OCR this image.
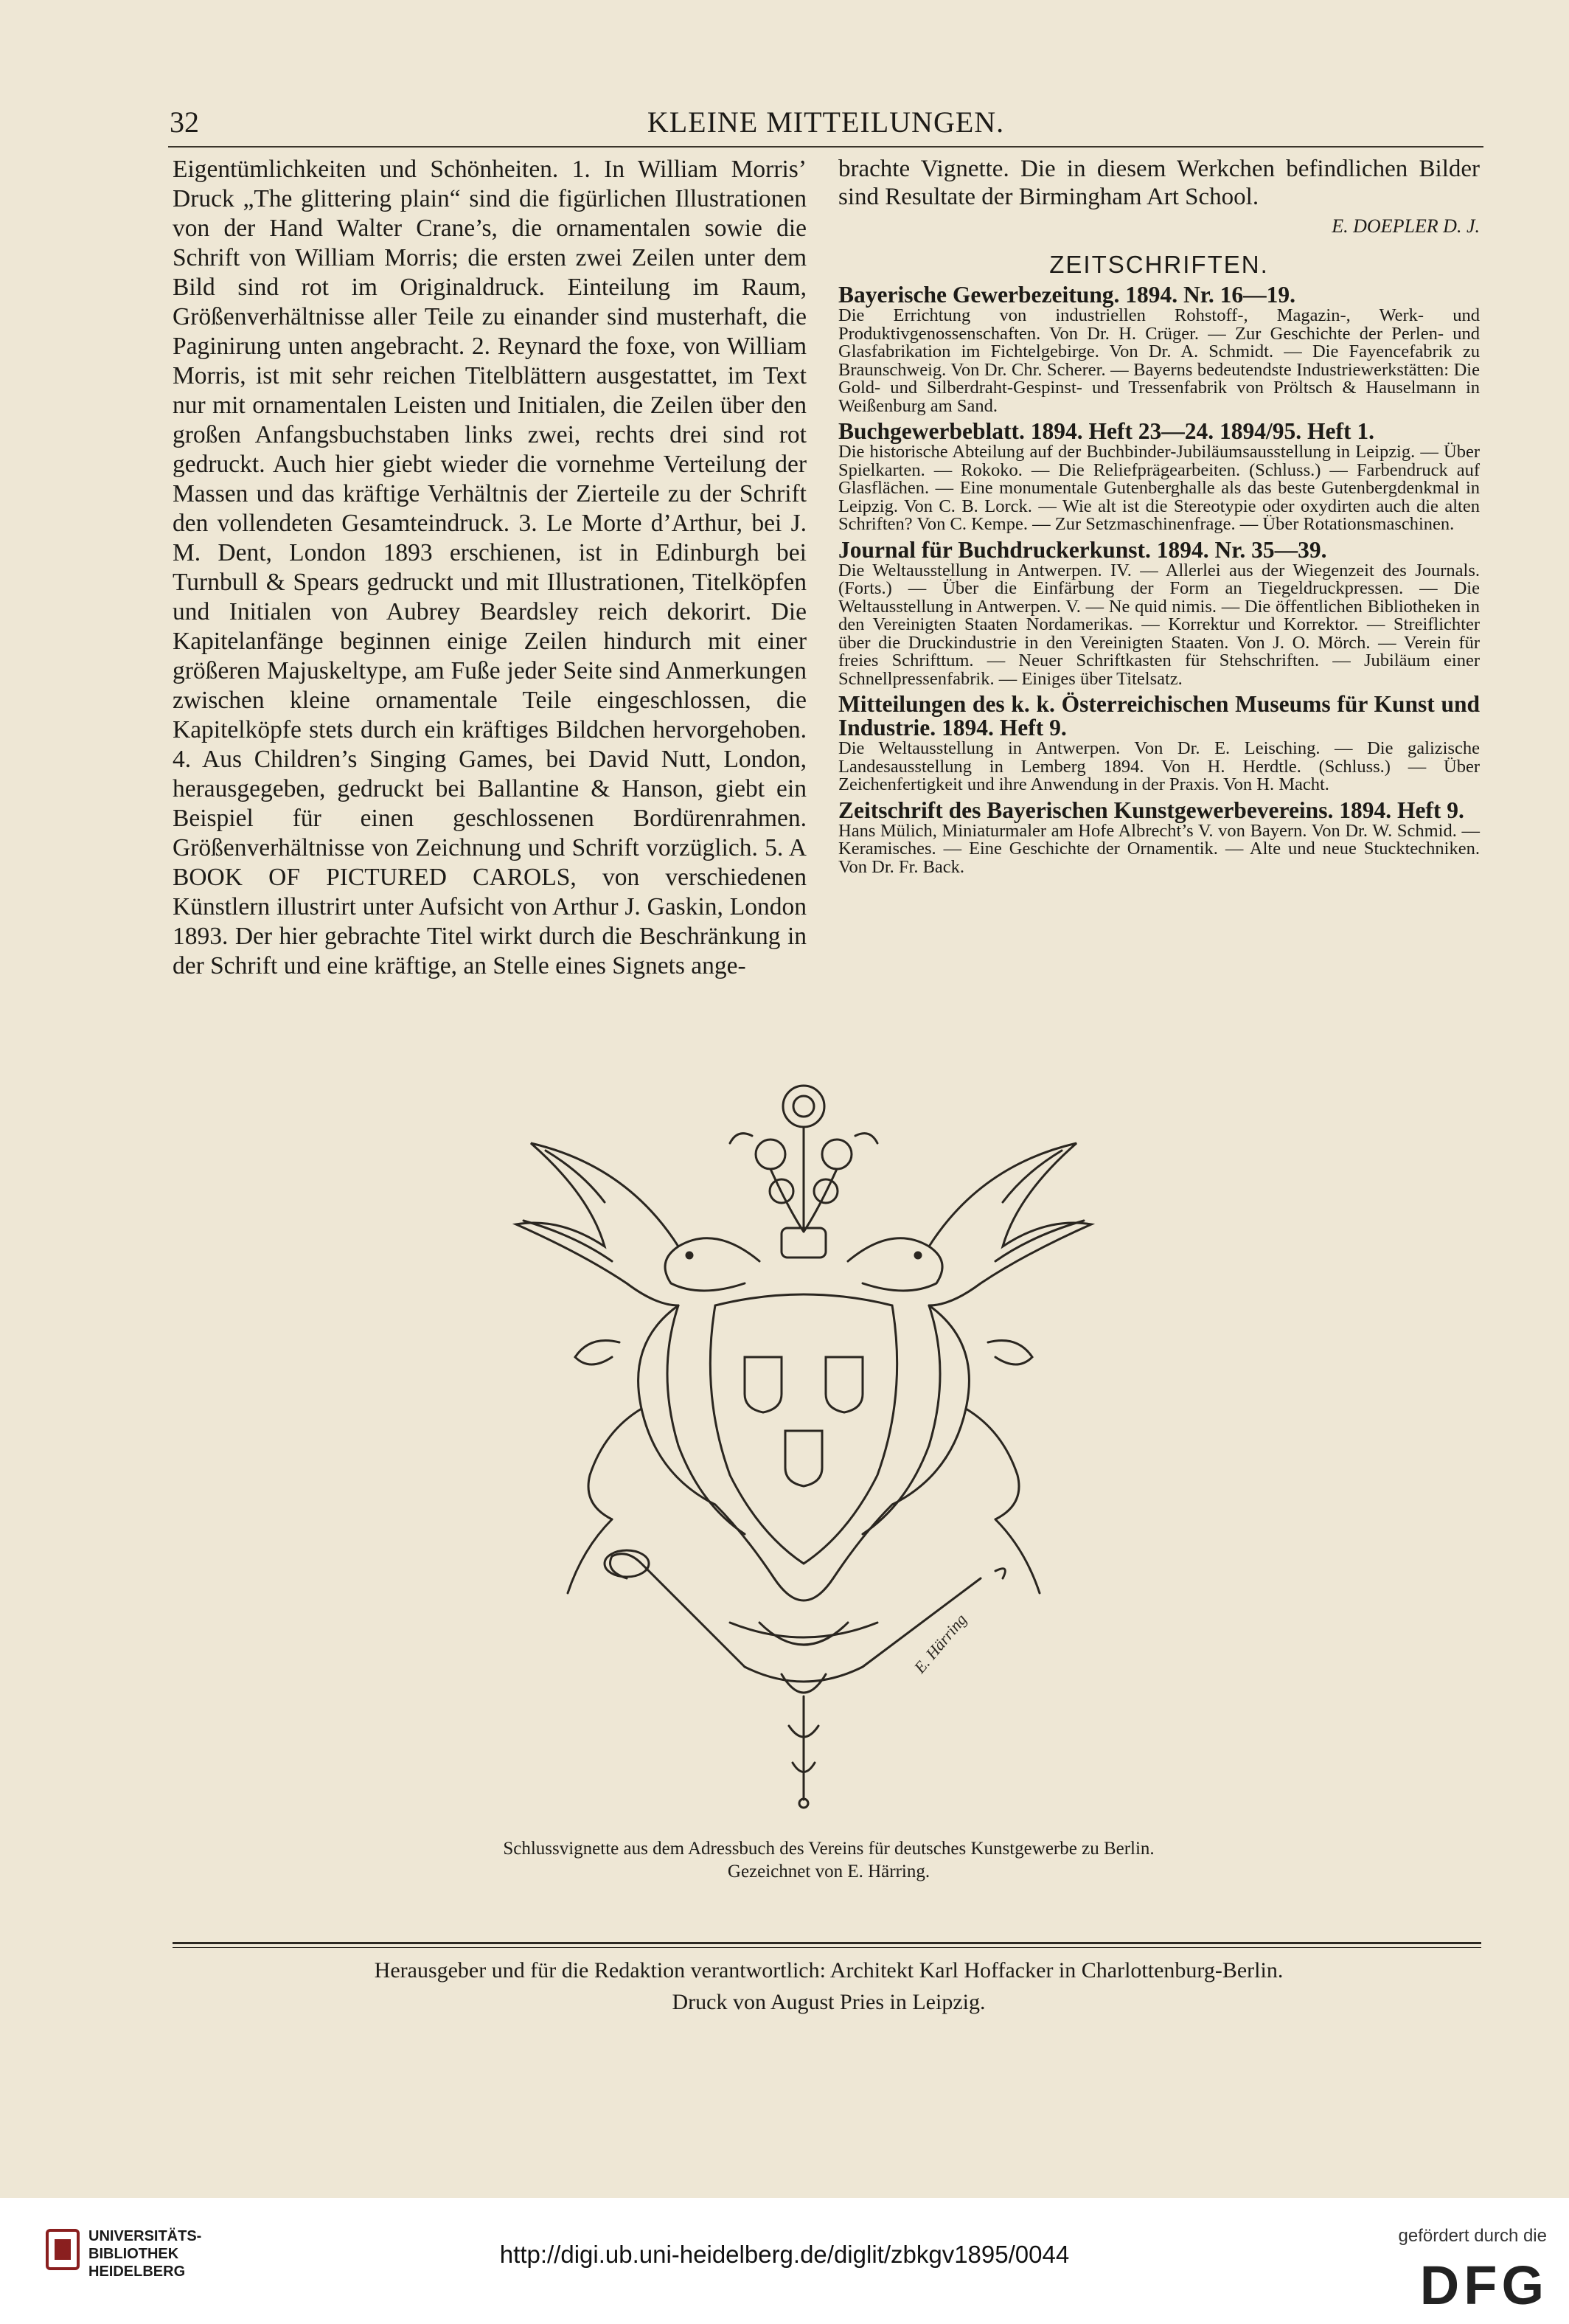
32	KLEINE MITTEILUNGEN.

Eigentümlichkeiten und Schönheiten. 1. In William Morris’ Druck „The glittering plain“ sind die figürlichen Illustrationen von der Hand Walter Crane’s, die ornamentalen sowie die Schrift von William Morris; die ersten zwei Zeilen unter dem Bild sind rot im Originaldruck. Einteilung im Raum, Größenverhältnisse aller Teile zu einander sind musterhaft, die Paginirung unten angebracht. 2. Reynard the foxe, von William Morris, ist mit sehr reichen Titelblättern ausgestattet, im Text nur mit ornamentalen Leisten und Initialen, die Zeilen über den großen Anfangsbuchstaben links zwei, rechts drei sind rot gedruckt. Auch hier giebt wieder die vornehme Verteilung der Massen und das kräftige Verhältnis der Zierteile zu der Schrift den vollendeten Gesamteindruck. 3. Le Morte d’Arthur, bei J. M. Dent, London 1893 erschienen, ist in Edinburgh bei Turnbull & Spears gedruckt und mit Illustrationen, Titelköpfen und Initialen von Aubrey Beardsley reich dekorirt. Die Kapitelanfänge beginnen einige Zeilen hindurch mit einer größeren Majuskeltype, am Fuße jeder Seite sind Anmerkungen zwischen kleine ornamentale Teile eingeschlossen, die Kapitelköpfe stets durch ein kräftiges Bildchen hervorgehoben. 4. Aus Children’s Singing Games, bei David Nutt, London, herausgegeben, gedruckt bei Ballantine & Hanson, giebt ein Beispiel für einen geschlossenen Bordürenrahmen. Größenverhältnisse von Zeichnung und Schrift vorzüglich. 5. A BOOK OF PICTURED CAROLS, von verschiedenen Künstlern illustrirt unter Aufsicht von Arthur J. Gaskin, London 1893. Der hier gebrachte Titel wirkt durch die Beschränkung in der Schrift und eine kräftige, an Stelle eines Signets ange-

brachte Vignette. Die in diesem Werkchen befindlichen Bilder sind Resultate der Birmingham Art School.

E. DOEPLER D. J.
ZEITSCHRIFTEN.

Bayerische Gewerbezeitung. 1894. Nr. 16—19.

Die Errichtung von industriellen Rohstoff-, Magazin-, Werk- und Produktivgenossenschaften. Von Dr. H. Crüger. — Zur Geschichte der Perlen- und Glasfabrikation im Fichtelgebirge. Von Dr. A. Schmidt. — Die Fayencefabrik zu Braunschweig. Von Dr. Chr. Scherer. — Bayerns bedeutendste Industriewerkstätten: Die Gold- und Silberdraht-Gespinst- und Tressenfabrik von Pröltsch & Hauselmann in Weißenburg am Sand.

Buchgewerbeblatt. 1894. Heft 23—24. 1894/95. Heft 1.

Die historische Abteilung auf der Buchbinder-Jubiläumsausstellung in Leipzig. — Über Spielkarten. — Rokoko. — Die Reliefprägearbeiten. (Schluss.) — Farbendruck auf Glasflächen. — Eine monumentale Gutenberghalle als das beste Gutenbergdenkmal in Leipzig. Von C. B. Lorck. — Wie alt ist die Stereotypie oder oxydirten auch die alten Schriften? Von C. Kempe. — Zur Setzmaschinenfrage. — Über Rotationsmaschinen.

Journal für Buchdruckerkunst. 1894. Nr. 35—39.

Die Weltausstellung in Antwerpen. IV. — Allerlei aus der Wiegenzeit des Journals. (Forts.) — Über die Einfärbung der Form an Tiegeldruckpressen. — Die Weltausstellung in Antwerpen. V. — Ne quid nimis. — Die öffentlichen Bibliotheken in den Vereinigten Staaten Nordamerikas. — Korrektur und Korrektor. — Streiflichter über die Druckindustrie in den Vereinigten Staaten. Von J. O. Mörch. — Verein für freies Schrifttum. — Neuer Schriftkasten für Stehschriften. — Jubiläum einer Schnellpressenfabrik. — Einiges über Titelsatz.

Mitteilungen des k. k. Österreichischen Museums für Kunst und Industrie. 1894. Heft 9.

Die Weltausstellung in Antwerpen. Von Dr. E. Leisching. — Die galizische Landesausstellung in Lemberg 1894. Von H. Herdtle. (Schluss.) — Über Zeichenfertigkeit und ihre Anwendung in der Praxis. Von H. Macht.

Zeitschrift des Bayerischen Kunstgewerbevereins. 1894. Heft 9.

Hans Mülich, Miniaturmaler am Hofe Albrecht’s V. von Bayern. Von Dr. W. Schmid. — Keramisches. — Eine Geschichte der Ornamentik. — Alte und neue Stucktechniken. Von Dr. Fr. Back.

E. Härring
Schlussvignette aus dem Adressbuch des Vereins für deutsches Kunstgewerbe zu Berlin.
Gezeichnet von E. Härring.
Herausgeber und für die Redaktion verantwortlich: Architekt Karl Hoffacker in Charlottenburg-Berlin.
Druck von August Pries in Leipzig.
UNIVERSITÄTS- BIBLIOTHEK HEIDELBERG
http://digi.ub.uni-heidelberg.de/diglit/zbkgv1895/0044
gefördert durch die
DFG
